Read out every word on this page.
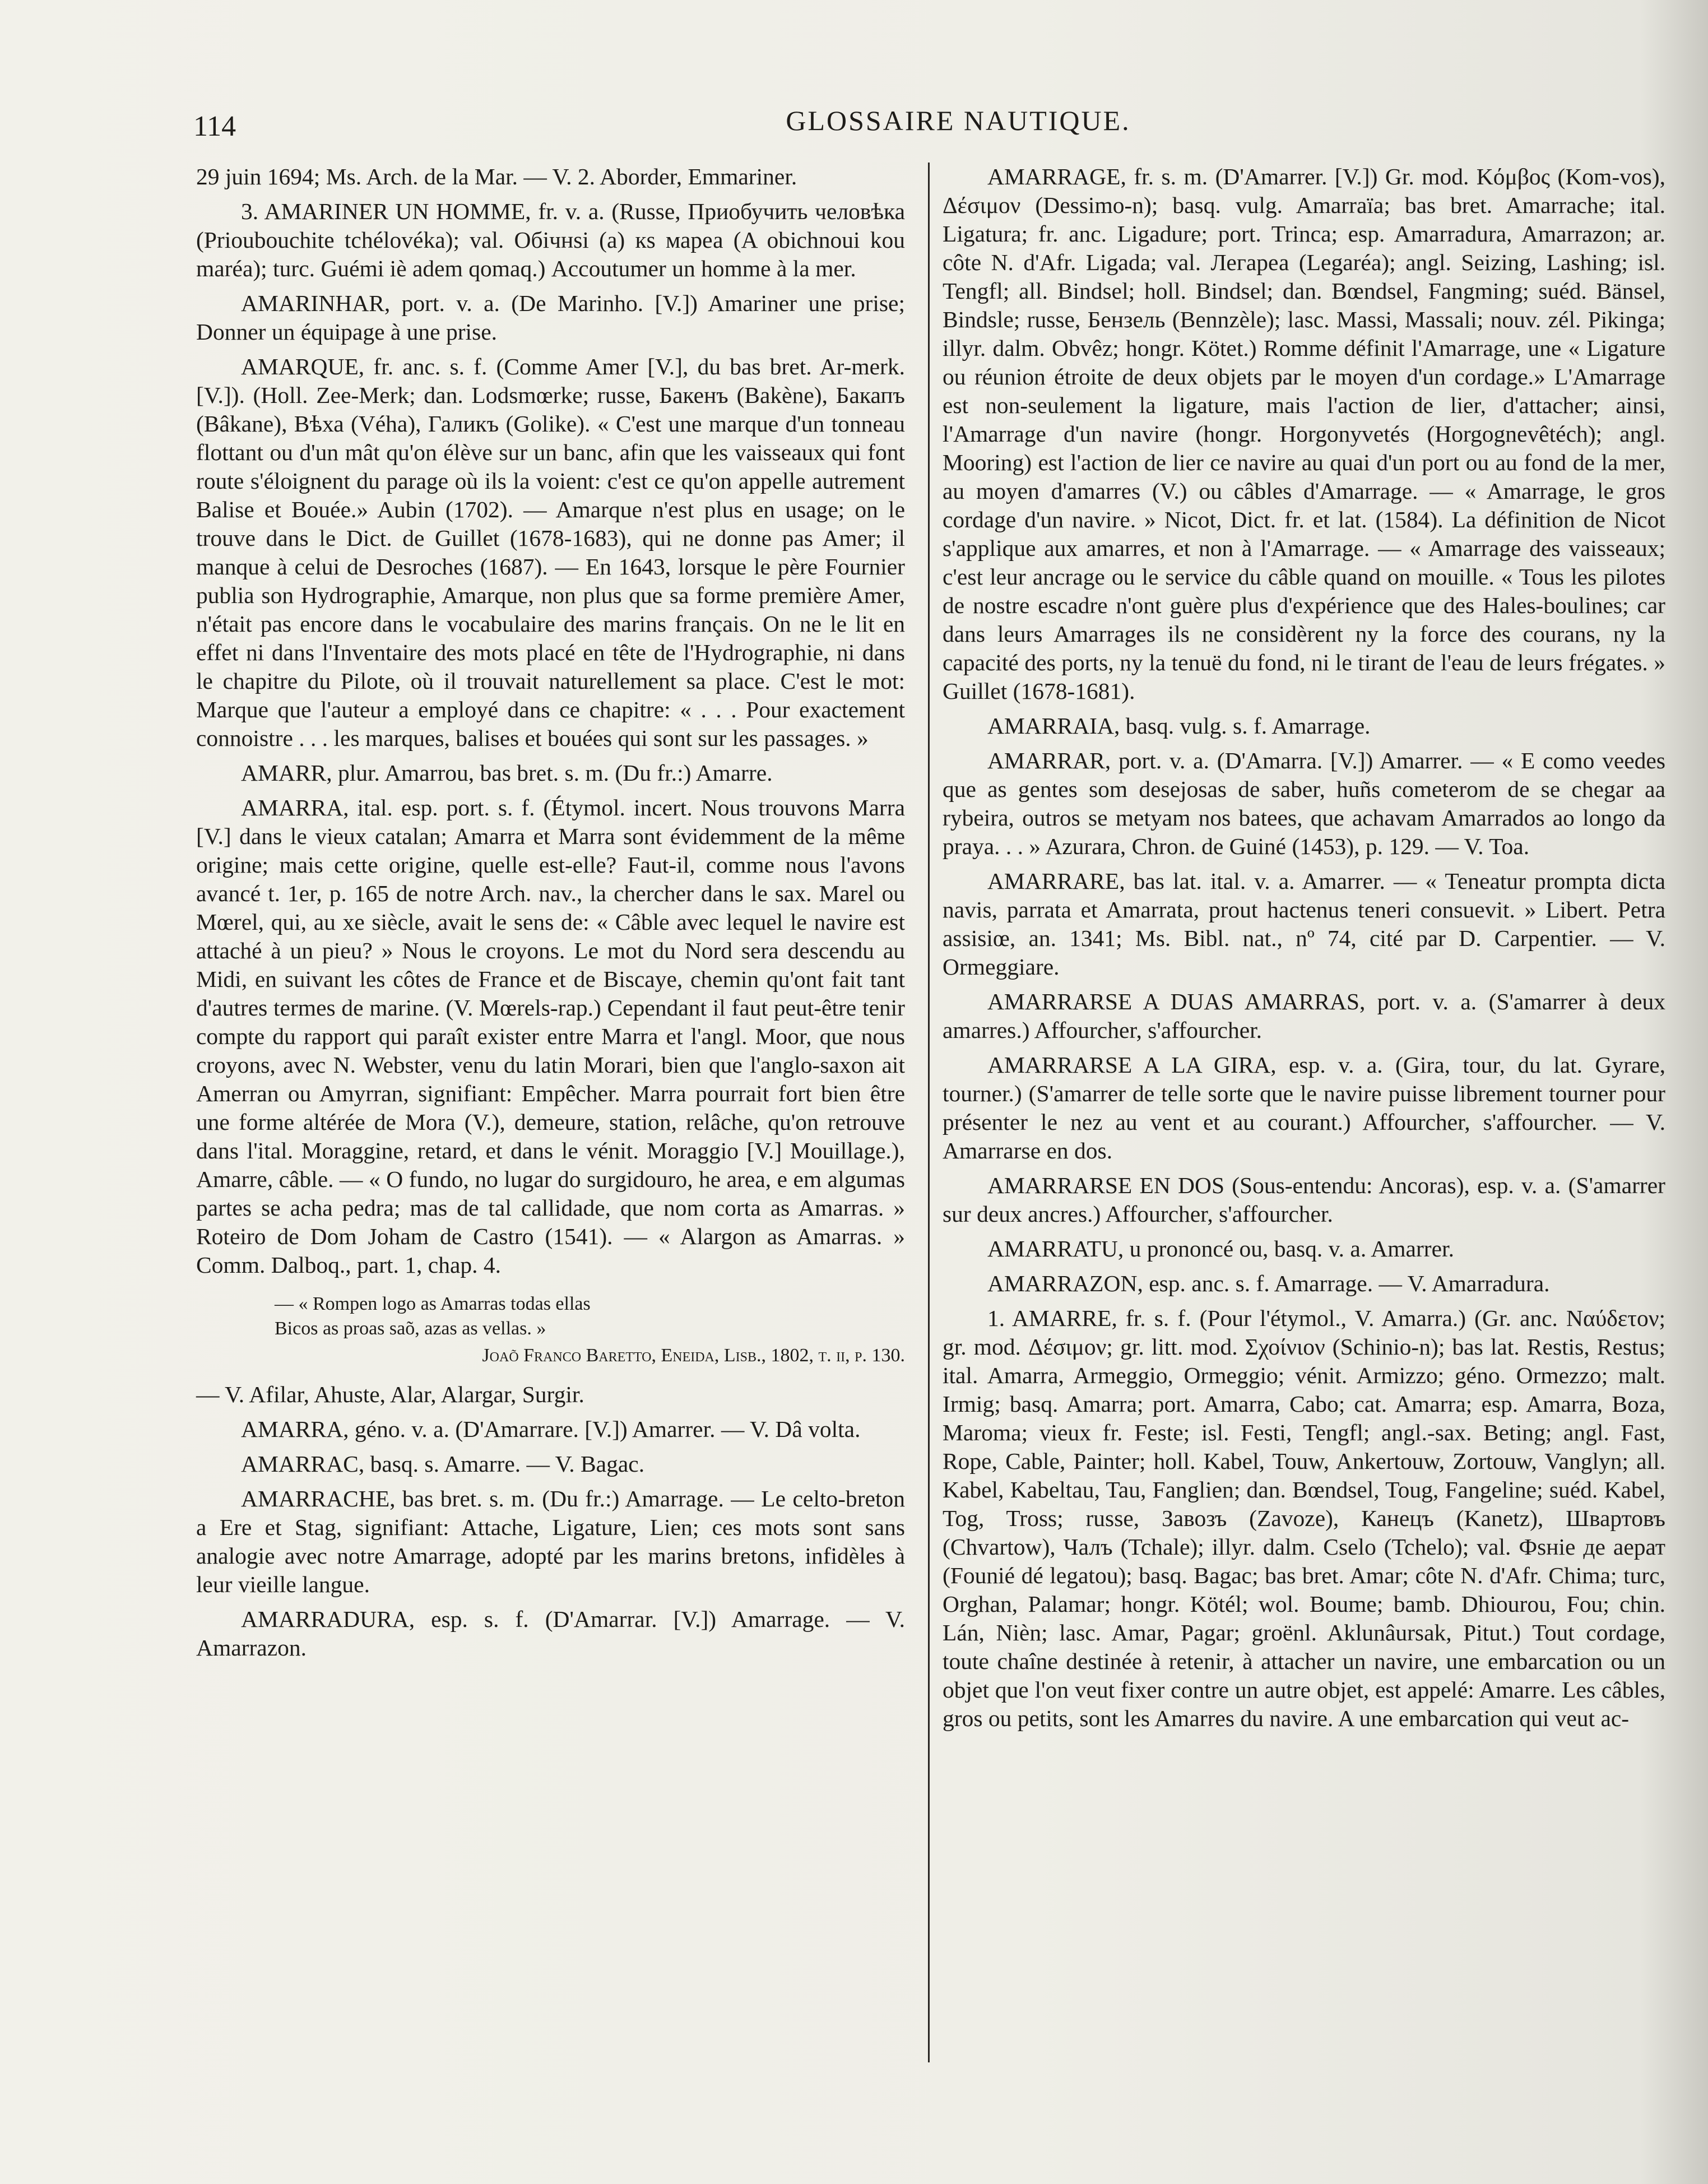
114	GLOSSAIRE NAUTIQUE.

29 juin 1694; Ms. Arch. de la Mar. — V. 2. Aborder, Emmariner.

3. AMARINER UN HOMME, fr. v. a. (Russe, Приобучить человѣка (Prioubouchite tchélovéka); val. Обічнѕі (а) кѕ мареа (A obichnoui kou maréa); turc. Guémi iè adem qomaq.) Accoutumer un homme à la mer.

AMARINHAR, port. v. a. (De Marinho. [V.]) Amariner une prise; Donner un équipage à une prise.

AMARQUE, fr. anc. s. f. (Comme Amer [V.], du bas bret. Ar-merk. [V.]). (Holl. Zee-Merk; dan. Lodsmœrke; russe, Бакенъ (Bakène), Бакапъ (Bâkane), Вѣха (Véha), Галикъ (Golike). « C'est une marque d'un tonneau flottant ou d'un mât qu'on élève sur un banc, afin que les vaisseaux qui font route s'éloignent du parage où ils la voient: c'est ce qu'on appelle autrement Balise et Bouée.» Aubin (1702). — Amarque n'est plus en usage; on le trouve dans le Dict. de Guillet (1678-1683), qui ne donne pas Amer; il manque à celui de Desroches (1687). — En 1643, lorsque le père Fournier publia son Hydrographie, Amarque, non plus que sa forme première Amer, n'était pas encore dans le vocabulaire des marins français. On ne le lit en effet ni dans l'Inventaire des mots placé en tête de l'Hydrographie, ni dans le chapitre du Pilote, où il trouvait naturellement sa place. C'est le mot: Marque que l'auteur a employé dans ce chapitre: « . . . Pour exactement connoistre . . . les marques, balises et bouées qui sont sur les passages. »

AMARR, plur. Amarrou, bas bret. s. m. (Du fr.:) Amarre.

AMARRA, ital. esp. port. s. f. (Étymol. incert. Nous trouvons Marra [V.] dans le vieux catalan; Amarra et Marra sont évidemment de la même origine; mais cette origine, quelle est-elle? Faut-il, comme nous l'avons avancé t. 1er, p. 165 de notre Arch. nav., la chercher dans le sax. Marel ou Mœrel, qui, au xe siècle, avait le sens de: « Câble avec lequel le navire est attaché à un pieu? » Nous le croyons. Le mot du Nord sera descendu au Midi, en suivant les côtes de France et de Biscaye, chemin qu'ont fait tant d'autres termes de marine. (V. Mœrels-rap.) Cependant il faut peut-être tenir compte du rapport qui paraît exister entre Marra et l'angl. Moor, que nous croyons, avec N. Webster, venu du latin Morari, bien que l'anglo-saxon ait Amerran ou Amyrran, signifiant: Empêcher. Marra pourrait fort bien être une forme altérée de Mora (V.), demeure, station, relâche, qu'on retrouve dans l'ital. Moraggine, retard, et dans le vénit. Moraggio [V.] Mouillage.), Amarre, câble. — « O fundo, no lugar do surgidouro, he area, e em algumas partes se acha pedra; mas de tal callidade, que nom corta as Amarras. » Roteiro de Dom Joham de Castro (1541). — « Alargon as Amarras. » Comm. Dalboq., part. 1, chap. 4.

— « Rompen logo as Amarras todas ellas
Bicos as proas saõ, azas as vellas. »
Joaõ Franco Baretto, Eneida, Lisb., 1802, t. ii, p. 130.

— V. Afilar, Ahuste, Alar, Alargar, Surgir.

AMARRA, géno. v. a. (D'Amarrare. [V.]) Amarrer. — V. Dâ volta.

AMARRAC, basq. s. Amarre. — V. Bagac.

AMARRACHE, bas bret. s. m. (Du fr.:) Amarrage. — Le celto-breton a Ere et Stag, signifiant: Attache, Ligature, Lien; ces mots sont sans analogie avec notre Amarrage, adopté par les marins bretons, infidèles à leur vieille langue.

AMARRADURA, esp. s. f. (D'Amarrar. [V.]) Amarrage. — V. Amarrazon.

AMARRAGE, fr. s. m. (D'Amarrer. [V.]) Gr. mod. Κόμβος (Kom-vos), Δέσιμον (Dessimo-n); basq. vulg. Amarraïa; bas bret. Amarrache; ital. Ligatura; fr. anc. Ligadure; port. Trinca; esp. Amarradura, Amarrazon; ar. côte N. d'Afr. Ligada; val. Легареа (Legaréa); angl. Seizing, Lashing; isl. Tengfl; all. Bindsel; holl. Bindsel; dan. Bœndsel, Fangming; suéd. Bänsel, Bindsle; russe, Бензель (Bennzèle); lasc. Massi, Massali; nouv. zél. Pikinga; illyr. dalm. Obvêz; hongr. Kötet.) Romme définit l'Amarrage, une « Ligature ou réunion étroite de deux objets par le moyen d'un cordage.» L'Amarrage est non-seulement la ligature, mais l'action de lier, d'attacher; ainsi, l'Amarrage d'un navire (hongr. Horgonyvetés (Horgognevêtéch); angl. Mooring) est l'action de lier ce navire au quai d'un port ou au fond de la mer, au moyen d'amarres (V.) ou câbles d'Amarrage. — « Amarrage, le gros cordage d'un navire. » Nicot, Dict. fr. et lat. (1584). La définition de Nicot s'applique aux amarres, et non à l'Amarrage. — « Amarrage des vaisseaux; c'est leur ancrage ou le service du câble quand on mouille. « Tous les pilotes de nostre escadre n'ont guère plus d'expérience que des Hales-boulines; car dans leurs Amarrages ils ne considèrent ny la force des courans, ny la capacité des ports, ny la tenuë du fond, ni le tirant de l'eau de leurs frégates. » Guillet (1678-1681).

AMARRAIA, basq. vulg. s. f. Amarrage.

AMARRAR, port. v. a. (D'Amarra. [V.]) Amarrer. — « E como veedes que as gentes som desejosas de saber, huñs cometerom de se chegar aa rybeira, outros se metyam nos batees, que achavam Amarrados ao longo da praya. . . » Azurara, Chron. de Guiné (1453), p. 129. — V. Toa.

AMARRARE, bas lat. ital. v. a. Amarrer. — « Teneatur prompta dicta navis, parrata et Amarrata, prout hactenus teneri consuevit. » Libert. Petra assisiœ, an. 1341; Ms. Bibl. nat., nº 74, cité par D. Carpentier. — V. Ormeggiare.

AMARRARSE A DUAS AMARRAS, port. v. a. (S'amarrer à deux amarres.) Affourcher, s'affourcher.

AMARRARSE A LA GIRA, esp. v. a. (Gira, tour, du lat. Gyrare, tourner.) (S'amarrer de telle sorte que le navire puisse librement tourner pour présenter le nez au vent et au courant.) Affourcher, s'affourcher. — V. Amarrarse en dos.

AMARRARSE EN DOS (Sous-entendu: Ancoras), esp. v. a. (S'amarrer sur deux ancres.) Affourcher, s'affourcher.

AMARRATU, u prononcé ou, basq. v. a. Amarrer.

AMARRAZON, esp. anc. s. f. Amarrage. — V. Amarradura.

1. AMARRE, fr. s. f. (Pour l'étymol., V. Amarra.) (Gr. anc. Ναύδετον; gr. mod. Δέσιμον; gr. litt. mod. Σχοίνιον (Schinio-n); bas lat. Restis, Restus; ital. Amarra, Armeggio, Ormeggio; vénit. Armizzo; géno. Ormezzo; malt. Irmig; basq. Amarra; port. Amarra, Cabo; cat. Amarra; esp. Amarra, Boza, Maroma; vieux fr. Feste; isl. Festi, Tengfl; angl.-sax. Beting; angl. Fast, Rope, Cable, Painter; holl. Kabel, Touw, Ankertouw, Zortouw, Vanglyn; all. Kabel, Kabeltau, Tau, Fanglien; dan. Bœndsel, Toug, Fangeline; suéd. Kabel, Tog, Tross; russe, Завозъ (Zavoze), Канецъ (Kanetz), Швартовъ (Chvartow), Чалъ (Tchale); illyr. dalm. Cselo (Tchelo); val. Фѕніе де аерат (Founié dé legatou); basq. Bagac; bas bret. Amar; côte N. d'Afr. Chima; turc, Orghan, Palamar; hongr. Kötél; wol. Boume; bamb. Dhiourou, Fou; chin. Lán, Nièn; lasc. Amar, Pagar; groënl. Aklunâursak, Pitut.) Tout cordage, toute chaîne destinée à retenir, à attacher un navire, une embarcation ou un objet que l'on veut fixer contre un autre objet, est appelé: Amarre. Les câbles, gros ou petits, sont les Amarres du navire. A une embarcation qui veut ac-
